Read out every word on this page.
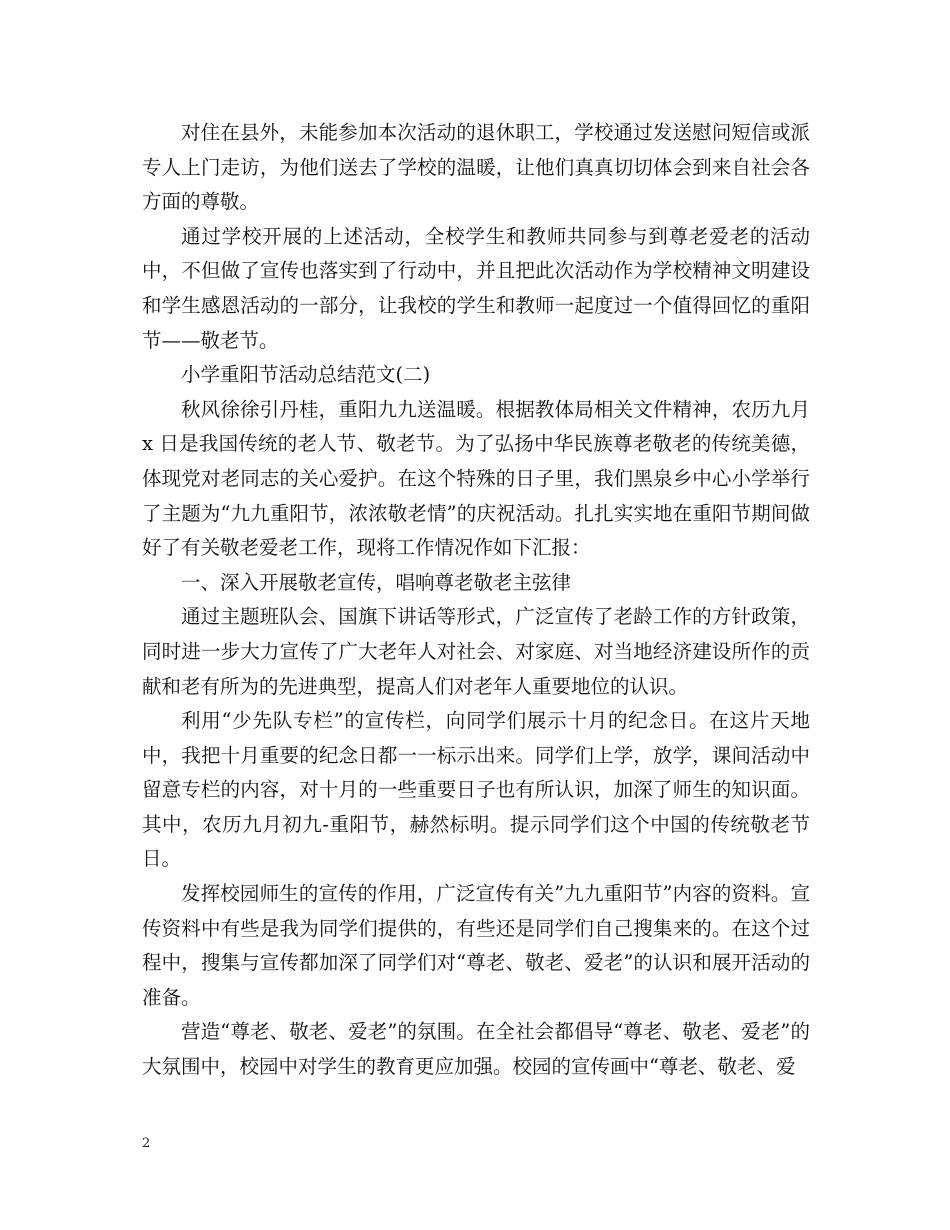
对住在县外，未能参加本次活动的退休职工，学校通过发送慰问短信或派专人上门走访，为他们送去了学校的温暖，让他们真真切切体会到来自社会各方面的尊敬。

通过学校开展的上述活动，全校学生和教师共同参与到尊老爱老的活动中，不但做了宣传也落实到了行动中，并且把此次活动作为学校精神文明建设和学生感恩活动的一部分，让我校的学生和教师一起度过一个值得回忆的重阳节——敬老节。

小学重阳节活动总结范文(二)

秋风徐徐引丹桂，重阳九九送温暖。根据教体局相关文件精神，农历九月 x 日是我国传统的老人节、敬老节。为了弘扬中华民族尊老敬老的传统美德，体现党对老同志的关心爱护。在这个特殊的日子里，我们黑泉乡中心小学举行了主题为“九九重阳节，浓浓敬老情”的庆祝活动。扎扎实实地在重阳节期间做好了有关敬老爱老工作，现将工作情况作如下汇报：

一、深入开展敬老宣传，唱响尊老敬老主弦律

通过主题班队会、国旗下讲话等形式，广泛宣传了老龄工作的方针政策，同时进一步大力宣传了广大老年人对社会、对家庭、对当地经济建设所作的贡献和老有所为的先进典型，提高人们对老年人重要地位的认识。

利用“少先队专栏”的宣传栏，向同学们展示十月的纪念日。在这片天地中，我把十月重要的纪念日都一一标示出来。同学们上学，放学，课间活动中留意专栏的内容，对十月的一些重要日子也有所认识，加深了师生的知识面。其中，农历九月初九-重阳节，赫然标明。提示同学们这个中国的传统敬老节日。

发挥校园师生的宣传的作用，广泛宣传有关”九九重阳节”内容的资料。宣传资料中有些是我为同学们提供的，有些还是同学们自己搜集来的。在这个过程中，搜集与宣传都加深了同学们对“尊老、敬老、爱老”的认识和展开活动的准备。

营造“尊老、敬老、爱老”的氛围。在全社会都倡导“尊老、敬老、爱老”的大氛围中，校园中对学生的教育更应加强。校园的宣传画中“尊老、敬老、爱

2
